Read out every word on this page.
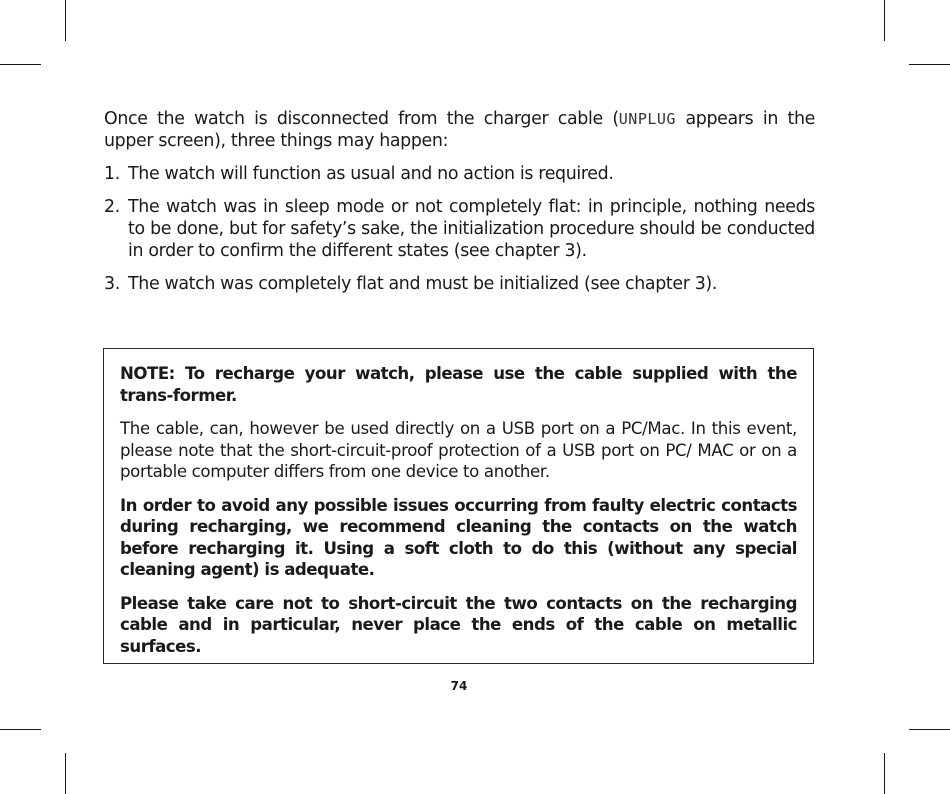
Once the watch is disconnected from the charger cable (UNPLUG appears in the upper screen), three things may happen:

1. The watch will function as usual and no action is required.
2. The watch was in sleep mode or not completely flat: in principle, nothing needs to be done, but for safety’s sake, the initialization procedure should be conducted in order to confirm the different states (see chapter 3).
3. The watch was completely flat and must be initialized (see chapter 3).

NOTE: To recharge your watch, please use the cable supplied with the trans-former.

The cable, can, however be used directly on a USB port on a PC/Mac. In this event, please note that the short-circuit-proof protection of a USB port on PC/ MAC or on a portable computer differs from one device to another.

In order to avoid any possible issues occurring from faulty electric contacts during recharging, we recommend cleaning the contacts on the watch before recharging it. Using a soft cloth to do this (without any special cleaning agent) is adequate.

Please take care not to short-circuit the two contacts on the recharging cable and in particular, never place the ends of the cable on metallic surfaces.

74
